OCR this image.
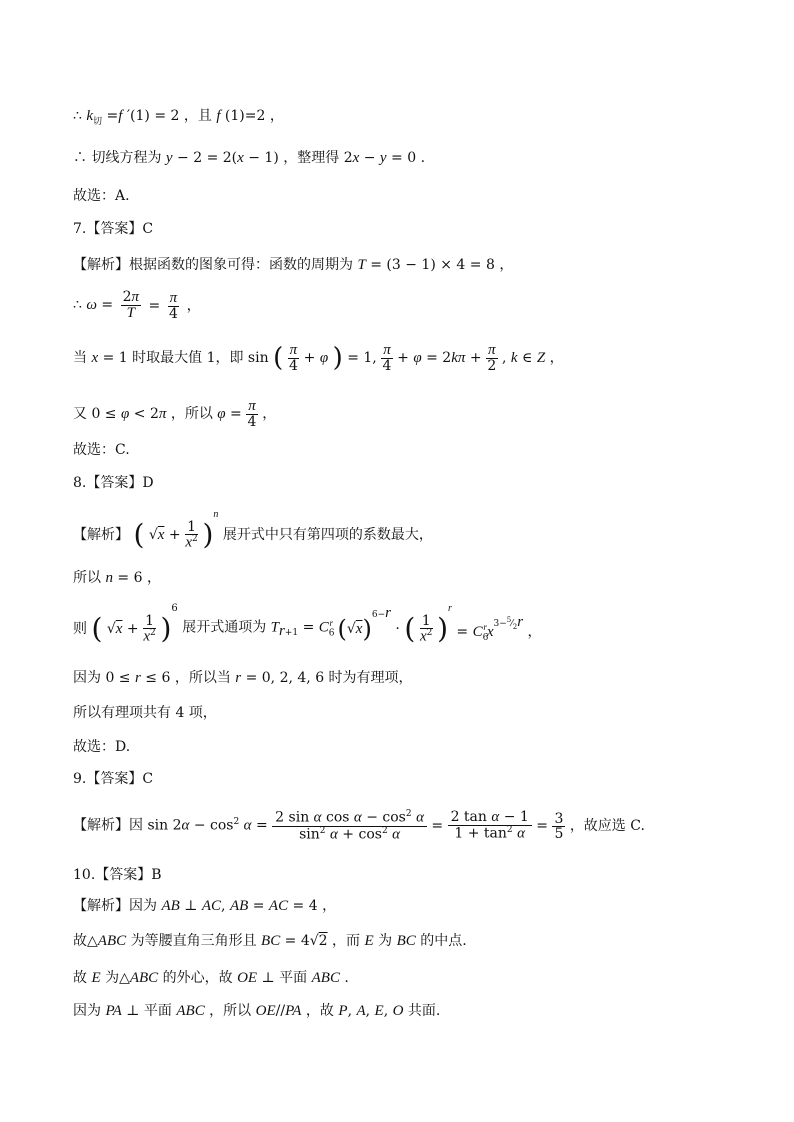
∴ $k_切 =f$ ′(1) = 2 ，且 f (1)=2 ，
∴ 切线方程为 y − 2 = 2(x − 1) ，整理得 2x − y = 0 .
故选：A.
7.【答案】C
【解析】根据函数的图象可得：函数的周期为 T = (3 − 1) × 4 = 8 ，
∴ $\omega = \frac{2\pi}{T} = \frac{\pi}{4}$ ，
当 x = 1 时取最大值 1，即 sin ( $\frac{\pi}{4} + \varphi$ ) = 1, $\frac{\pi}{4} + \varphi = 2k\pi + \frac{\pi}{2}$ , k ∈ Z ，
又 0 ≤ φ < 2π ，所以 $\varphi = \frac{\pi}{4}$ ，
故选：C.
8.【答案】D
【解析】 ( $√x + \frac{1}{x^2} )^n$ 展开式中只有第四项的系数最大，
所以 n = 6 ，
则 ( $√x + \frac{1}{x^2} )^6$ 展开式通项为 $T_{r+1} = C_6^r$ $(√x)^{6-r}$ · ( $\frac{1}{x^2} )^r = C_6^rx^{3-^5⁄_2r}$ ，
因为 0 ≤ r ≤ 6 ，所以当 r = 0, 2, 4, 6 时为有理项，
所以有理项共有 4 项，
故选：D.
9.【答案】C
【解析】因 $\sin 2\alpha - \cos^2 \alpha = \frac{2 \sin \alpha \cos \alpha - \cos^2 \alpha}{\sin^2 \alpha + \cos^2 \alpha} = \frac{\text{2 tan α − 1}}{1 + \tan^2 \alpha} = \frac{3}{5}$ ，故应选 C.
10.【答案】B
【解析】因为 AB ⊥ AC, AB = AC = 4 ，
故△ABC 为等腰直角三角形且 BC = 4√2 ，而 E 为 BC 的中点.
故 E 为△ABC 的外心，故 OE ⊥ 平面 ABC .
因为 PA ⊥ 平面 ABC ，所以 OE//PA ，故 P, A, E, O 共面.
